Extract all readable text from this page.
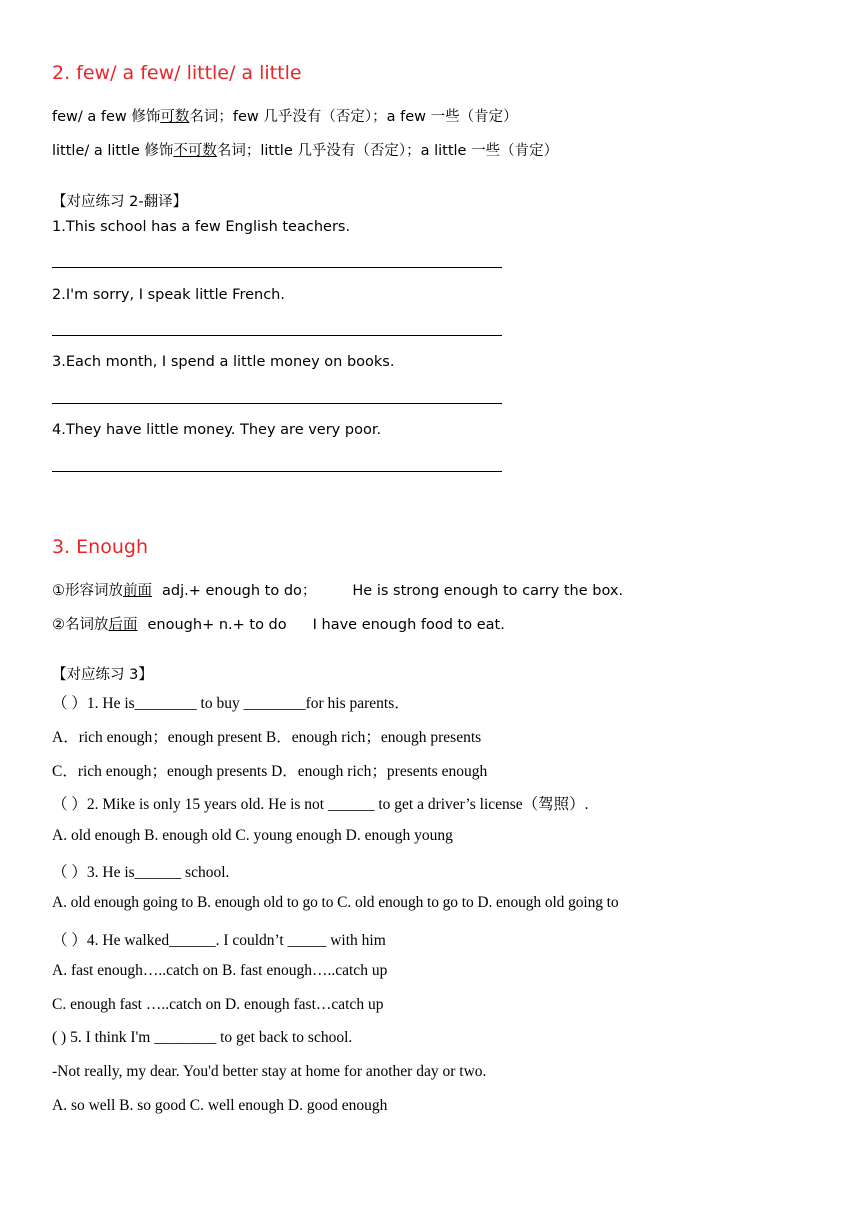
2. few/ a few/ little/ a little
few/ a few 修饰可数名词；few 几乎没有（否定）；a few 一些（肯定）
little/ a little 修饰不可数名词；little 几乎没有（否定）；a little 一些（肯定）
【对应练习 2-翻译】
1.This school has a few English teachers.
2.I'm sorry, I speak little French.
3.Each month, I spend a little money on books.
4.They have little money. They are very poor.
3. Enough
①形容词放前面 adj.+ enough to do； He is strong enough to carry the box.
②名词放后面 enough+ n.+ to do I have enough food to eat.
【对应练习 3】
（ ）1. He is________ to buy ________for his parents．
A．rich enough；enough present B．enough rich；enough presents
C．rich enough；enough presents D．enough rich；presents enough
（ ）2. Mike is only 15 years old. He is not ______ to get a driver’s license（驾照）.
A. old enough B. enough old C. young enough D. enough young
（ ）3. He is______ school.
A. old enough going to B. enough old to go to C. old enough to go to D. enough old going to
（ ）4. He walked______. I couldn’t _____ with him
A. fast enough…..catch on B. fast enough…..catch up
C. enough fast …..catch on D. enough fast…catch up
( ) 5. I think I'm ________ to get back to school.
-Not really, my dear. You'd better stay at home for another day or two.
A. so well B. so good C. well enough D. good enough
